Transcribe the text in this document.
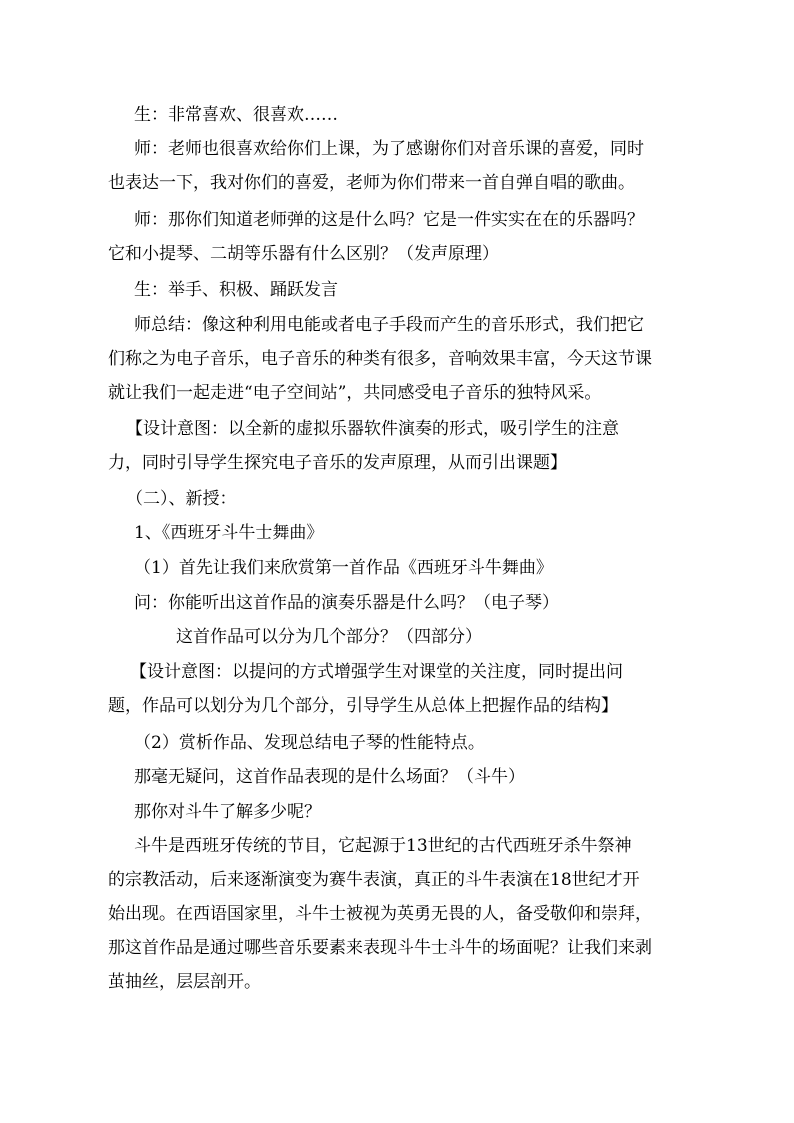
生：非常喜欢、很喜欢……
师：老师也很喜欢给你们上课，为了感谢你们对音乐课的喜爱，同时
也表达一下，我对你们的喜爱，老师为你们带来一首自弹自唱的歌曲。
师：那你们知道老师弹的这是什么吗？它是一件实实在在的乐器吗？
它和小提琴、二胡等乐器有什么区别？（发声原理）
生：举手、积极、踊跃发言
师总结：像这种利用电能或者电子手段而产生的音乐形式，我们把它
们称之为电子音乐，电子音乐的种类有很多，音响效果丰富，今天这节课
就让我们一起走进“电子空间站”，共同感受电子音乐的独特风采。
【设计意图：以全新的虚拟乐器软件演奏的形式，吸引学生的注意
力，同时引导学生探究电子音乐的发声原理，从而引出课题】
（二）、新授：
1、《西班牙斗牛士舞曲》
（1）首先让我们来欣赏第一首作品《西班牙斗牛舞曲》
问：你能听出这首作品的演奏乐器是什么吗？（电子琴）
这首作品可以分为几个部分？（四部分）
【设计意图：以提问的方式增强学生对课堂的关注度，同时提出问
题，作品可以划分为几个部分，引导学生从总体上把握作品的结构】
（2）赏析作品、发现总结电子琴的性能特点。
那毫无疑问，这首作品表现的是什么场面？（斗牛）
那你对斗牛了解多少呢？
斗牛是西班牙传统的节目，它起源于13世纪的古代西班牙杀牛祭神
的宗教活动，后来逐渐演变为赛牛表演，真正的斗牛表演在18世纪才开
始出现。在西语国家里，斗牛士被视为英勇无畏的人，备受敬仰和崇拜，
那这首作品是通过哪些音乐要素来表现斗牛士斗牛的场面呢？让我们来剥
茧抽丝，层层剖开。
